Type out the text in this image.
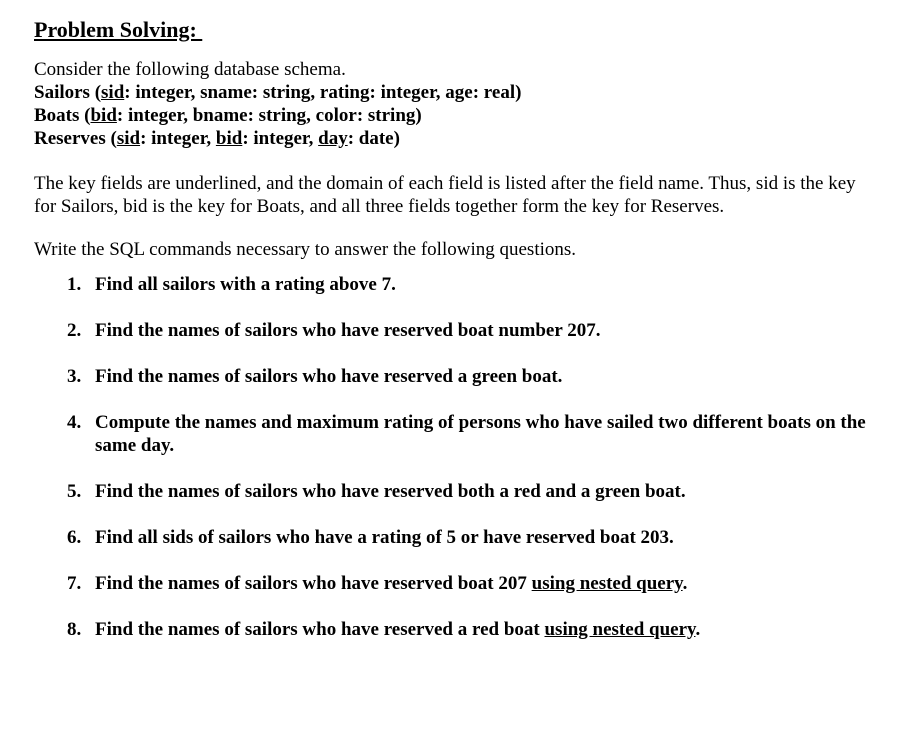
Problem Solving:

Consider the following database schema.

Sailors (sid: integer, sname: string, rating: integer, age: real)

Boats (bid: integer, bname: string, color: string)

Reserves (sid: integer, bid: integer, day: date)

The key fields are underlined, and the domain of each field is listed after the field name. Thus, sid is the key for Sailors, bid is the key for Boats, and all three fields together form the key for Reserves.

Write the SQL commands necessary to answer the following questions.

1. Find all sailors with a rating above 7.
2. Find the names of sailors who have reserved boat number 207.
3. Find the names of sailors who have reserved a green boat.
4. Compute the names and maximum rating of persons who have sailed two different boats on the same day.
5. Find the names of sailors who have reserved both a red and a green boat.
6. Find all sids of sailors who have a rating of 5 or have reserved boat 203.
7. Find the names of sailors who have reserved boat 207 using nested query.
8. Find the names of sailors who have reserved a red boat using nested query.
